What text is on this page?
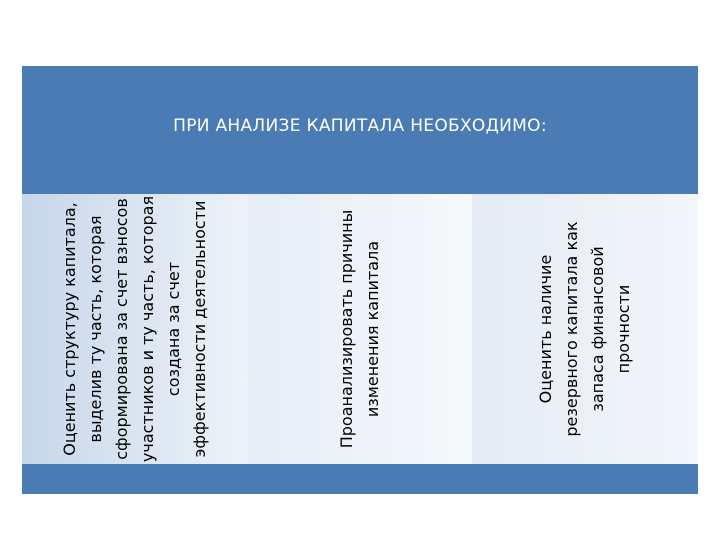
ПРИ АНАЛИЗЕ КАПИТАЛА НЕОБХОДИМО:
Оценить структуру капитала, выделив ту часть, которая сформирована за счет взносов участников и ту часть, которая создана за счет эффективности деятельности	Проанализировать причины изменения капитала	Оценить наличие резервного капитала как запаса финансовой прочности
